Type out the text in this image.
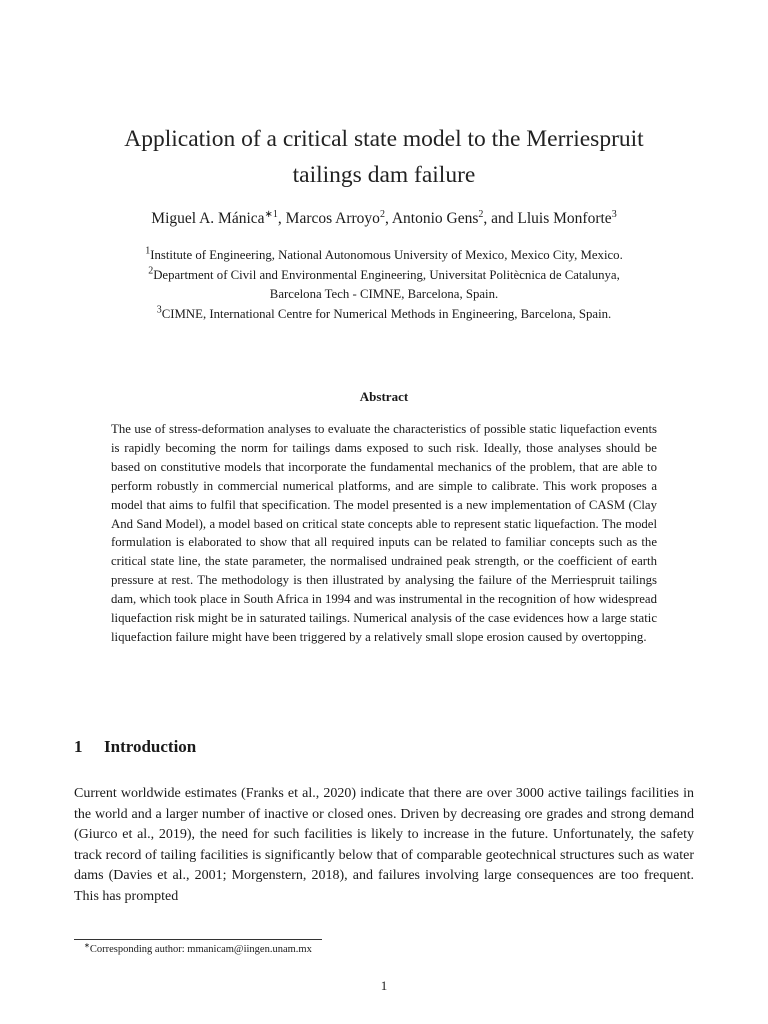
Application of a critical state model to the Merriespruit
tailings dam failure
Miguel A. Mánica$^{∗1}$, Marcos Arroyo$^2$, Antonio Gens$^2$, and Lluis Monforte$^3$
$^1$Institute of Engineering, National Autonomous University of Mexico, Mexico City, Mexico.
$^2$Department of Civil and Environmental Engineering, Universitat Politècnica de Catalunya,
Barcelona Tech - CIMNE, Barcelona, Spain.
$^3$CIMNE, International Centre for Numerical Methods in Engineering, Barcelona, Spain.
Abstract
The use of stress-deformation analyses to evaluate the characteristics of possible static liquefaction events is rapidly becoming the norm for tailings dams exposed to such risk. Ideally, those analyses should be based on constitutive models that incorporate the fundamental mechanics of the problem, that are able to perform robustly in commercial numerical platforms, and are simple to calibrate. This work proposes a model that aims to fulfil that specification. The model presented is a new implementation of CASM (Clay And Sand Model), a model based on critical state concepts able to represent static liquefaction. The model formulation is elaborated to show that all required inputs can be related to familiar concepts such as the critical state line, the state parameter, the normalised undrained peak strength, or the coefficient of earth pressure at rest. The methodology is then illustrated by analysing the failure of the Merriespruit tailings dam, which took place in South Africa in 1994 and was instrumental in the recognition of how widespread liquefaction risk might be in saturated tailings. Numerical analysis of the case evidences how a large static liquefaction failure might have been triggered by a relatively small slope erosion caused by overtopping.
1 Introduction
Current worldwide estimates (Franks et al., 2020) indicate that there are over 3000 active tailings facilities in the world and a larger number of inactive or closed ones. Driven by decreasing ore grades and strong demand (Giurco et al., 2019), the need for such facilities is likely to increase in the future. Unfortunately, the safety track record of tailing facilities is significantly below that of comparable geotechnical structures such as water dams (Davies et al., 2001; Morgenstern, 2018), and failures involving large consequences are too frequent. This has prompted
∗Corresponding author: mmanicam@iingen.unam.mx
1
